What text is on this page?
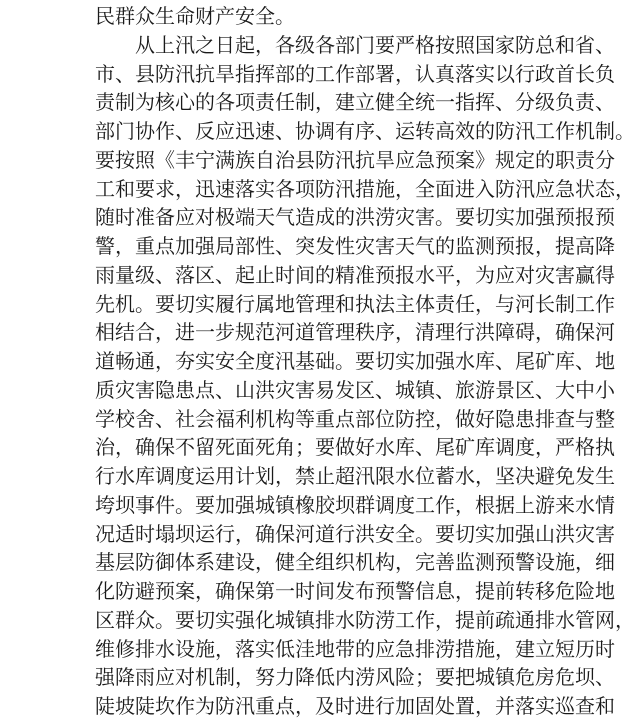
民群众生命财产安全。
从上汛之日起，各级各部门要严格按照国家防总和省、
市、县防汛抗旱指挥部的工作部署，认真落实以行政首长负
责制为核心的各项责任制，建立健全统一指挥、分级负责、
部门协作、反应迅速、协调有序、运转高效的防汛工作机制。
要按照《丰宁满族自治县防汛抗旱应急预案》规定的职责分
工和要求，迅速落实各项防汛措施，全面进入防汛应急状态，
随时准备应对极端天气造成的洪涝灾害。要切实加强预报预
警，重点加强局部性、突发性灾害天气的监测预报，提高降
雨量级、落区、起止时间的精准预报水平，为应对灾害赢得
先机。要切实履行属地管理和执法主体责任，与河长制工作
相结合，进一步规范河道管理秩序，清理行洪障碍，确保河
道畅通，夯实安全度汛基础。要切实加强水库、尾矿库、地
质灾害隐患点、山洪灾害易发区、城镇、旅游景区、大中小
学校舍、社会福利机构等重点部位防控，做好隐患排查与整
治，确保不留死面死角；要做好水库、尾矿库调度，严格执
行水库调度运用计划，禁止超汛限水位蓄水，坚决避免发生
垮坝事件。要加强城镇橡胶坝群调度工作，根据上游来水情
况适时塌坝运行，确保河道行洪安全。要切实加强山洪灾害
基层防御体系建设，健全组织机构，完善监测预警设施，细
化防避预案，确保第一时间发布预警信息，提前转移危险地
区群众。要切实强化城镇排水防涝工作，提前疏通排水管网，
维修排水设施，落实低洼地带的应急排涝措施，建立短历时
强降雨应对机制，努力降低内涝风险；要把城镇危房危坝、
陡坡陡坎作为防汛重点，及时进行加固处置，并落实巡查和
